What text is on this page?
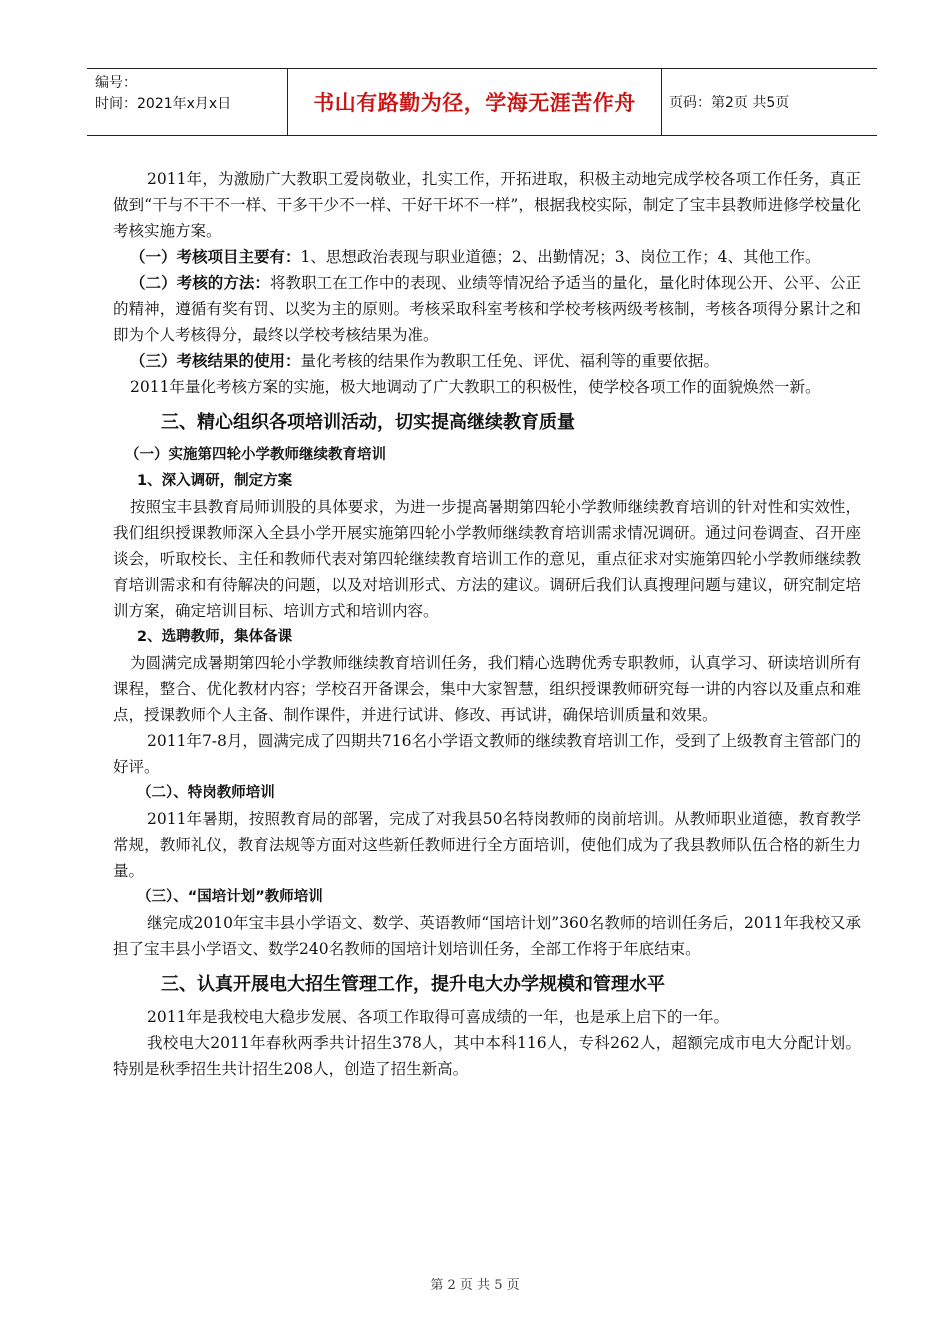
编号：
时间：2021年x月x日	书山有路勤为径，学海无涯苦作舟	页码：第2页 共5页

2011年，为激励广大教职工爱岗敬业，扎实工作，开拓进取，积极主动地完成学校各项工作任务，真正做到“干与不干不一样、干多干少不一样、干好干坏不一样”，根据我校实际，制定了宝丰县教师进修学校量化考核实施方案。

（一）考核项目主要有：1、思想政治表现与职业道德；2、出勤情况；3、岗位工作；4、其他工作。

（二）考核的方法：将教职工在工作中的表现、业绩等情况给予适当的量化，量化时体现公开、公平、公正的精神，遵循有奖有罚、以奖为主的原则。考核采取科室考核和学校考核两级考核制，考核各项得分累计之和即为个人考核得分，最终以学校考核结果为准。

（三）考核结果的使用：量化考核的结果作为教职工任免、评优、福利等的重要依据。

2011年量化考核方案的实施，极大地调动了广大教职工的积极性，使学校各项工作的面貌焕然一新。

三、精心组织各项培训活动，切实提高继续教育质量

（一）实施第四轮小学教师继续教育培训

1、深入调研，制定方案

按照宝丰县教育局师训股的具体要求，为进一步提高暑期第四轮小学教师继续教育培训的针对性和实效性，我们组织授课教师深入全县小学开展实施第四轮小学教师继续教育培训需求情况调研。通过问卷调查、召开座谈会，听取校长、主任和教师代表对第四轮继续教育培训工作的意见，重点征求对实施第四轮小学教师继续教育培训需求和有待解决的问题，以及对培训形式、方法的建议。调研后我们认真搜理问题与建议，研究制定培训方案，确定培训目标、培训方式和培训内容。

2、选聘教师，集体备课

为圆满完成暑期第四轮小学教师继续教育培训任务，我们精心选聘优秀专职教师，认真学习、研读培训所有课程，整合、优化教材内容；学校召开备课会，集中大家智慧，组织授课教师研究每一讲的内容以及重点和难点，授课教师个人主备、制作课件，并进行试讲、修改、再试讲，确保培训质量和效果。

2011年7-8月，圆满完成了四期共716名小学语文教师的继续教育培训工作，受到了上级教育主管部门的好评。

（二）、特岗教师培训

2011年暑期，按照教育局的部署，完成了对我县50名特岗教师的岗前培训。从教师职业道德，教育教学常规，教师礼仪，教育法规等方面对这些新任教师进行全方面培训，使他们成为了我县教师队伍合格的新生力量。

（三）、“国培计划”教师培训

继完成2010年宝丰县小学语文、数学、英语教师“国培计划”360名教师的培训任务后，2011年我校又承担了宝丰县小学语文、数学240名教师的国培计划培训任务，全部工作将于年底结束。

三、认真开展电大招生管理工作，提升电大办学规模和管理水平

2011年是我校电大稳步发展、各项工作取得可喜成绩的一年，也是承上启下的一年。

我校电大2011年春秋两季共计招生378人，其中本科116人，专科262人，超额完成市电大分配计划。特别是秋季招生共计招生208人，创造了招生新高。

第 2 页 共 5 页
